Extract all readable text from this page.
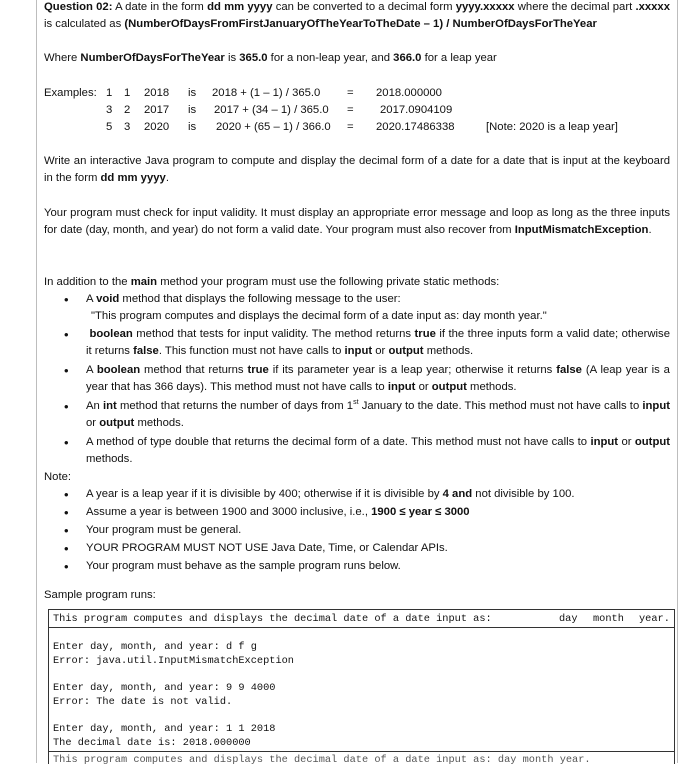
Question 02: A date in the form dd mm yyyy can be converted to a decimal form yyyy.xxxxx where the decimal part .xxxxx is calculated as (NumberOfDaysFromFirstJanuaryOfTheYearToTheDate – 1) / NumberOfDaysForTheYear
Where NumberOfDaysForTheYear is 365.0 for a non-leap year, and 366.0 for a leap year
Examples: 1 1 2018 is 2018 + (1 – 1) / 365.0 = 2018.000000
3 2 2017 is 2017 + (34 – 1) / 365.0 = 2017.0904109
5 3 2020 is 2020 + (65 – 1) / 366.0 = 2020.17486338	[Note: 2020 is a leap year]
Write an interactive Java program to compute and display the decimal form of a date for a date that is input at the keyboard in the form dd mm yyyy.
Your program must check for input validity. It must display an appropriate error message and loop as long as the three inputs for date (day, month, and year) do not form a valid date. Your program must also recover from InputMismatchException.
In addition to the main method your program must use the following private static methods:
• A void method that displays the following message to the user:
"This program computes and displays the decimal form of a date input as: day month year."
•	boolean method that tests for input validity. The method returns true if the three inputs form a valid date; otherwise it returns false. This function must not have calls to input or output methods.
• A boolean method that returns true if its parameter year is a leap year; otherwise it returns false (A leap year is a year that has 366 days). This method must not have calls to input or output methods.
• An int method that returns the number of days from 1st January to the date. This method must not have calls to input or output methods.
• A method of type double that returns the decimal form of a date. This method must not have calls to input or output methods.
Note:
• A year is a leap year if it is divisible by 400; otherwise if it is divisible by 4 and not divisible by 100.
• Assume a year is between 1900 and 3000 inclusive, i.e., 1900 ≤ year ≤ 3000
• Your program must be general.
• YOUR PROGRAM MUST NOT USE Java Date, Time, or Calendar APIs.
• Your program must behave as the sample program runs below.
Sample program runs:
This program computes and displays the decimal date of a date input as:	day month year.
Enter day, month, and year: d f g
Error: java.util.InputMismatchException
Enter day, month, and year: 9 9 4000
Error: The date is not valid.
Enter day, month, and year: 1 1 2018
The decimal date is: 2018.000000
This program computes and displays the decimal date of a date input as: day month year.
